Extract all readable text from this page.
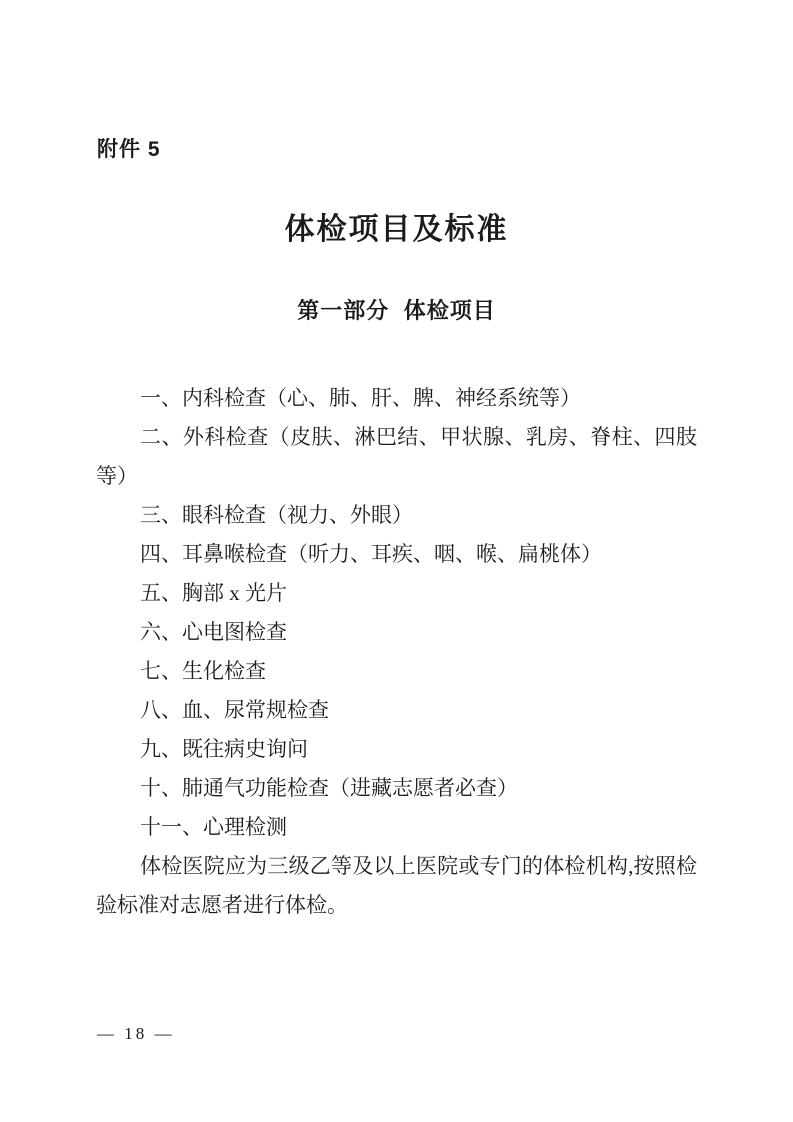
附件 5
体检项目及标准
第一部分 体检项目

一、内科检查（心、肺、肝、脾、神经系统等）

二、外科检查（皮肤、淋巴结、甲状腺、乳房、脊柱、四肢等）

三、眼科检查（视力、外眼）

四、耳鼻喉检查（听力、耳疾、咽、喉、扁桃体）

五、胸部 x 光片

六、心电图检查

七、生化检查

八、血、尿常规检查

九、既往病史询问

十、肺通气功能检查（进藏志愿者必查）

十一、心理检测

体检医院应为三级乙等及以上医院或专门的体检机构,按照检验标准对志愿者进行体检。

— 18 —
